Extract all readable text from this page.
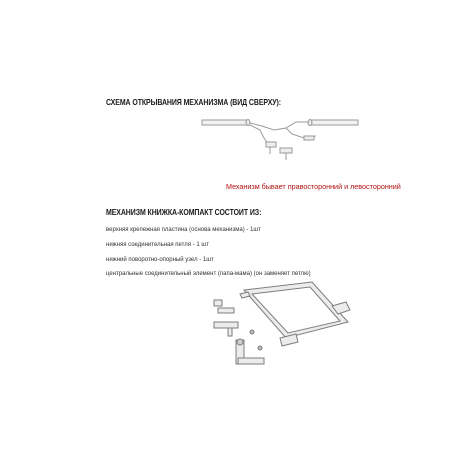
СХЕМА ОТКРЫВАНИЯ МЕХАНИЗМА (ВИД СВЕРХУ):
Механизм бывает правосторонний и левосторонний
МЕХАНИЗМ КНИЖКА-КОМПАКТ СОСТОИТ ИЗ:
верхняя крепежная пластина (основа механизма) - 1шт
нижняя соединительная петля - 1 шт
нижний поворотно-опорный узел - 1шт
центральные соединительный элемент (папа-мама) (он заменяет петлю)
